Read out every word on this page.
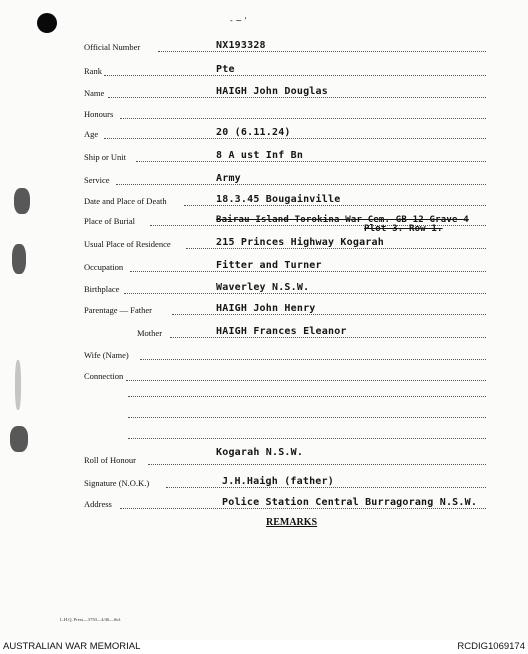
- ~ '
Official Number	NX193328
Rank	Pte
Name	HAIGH John Douglas
Honours
Age	20 (6.11.24)
Ship or Unit	8 A ust Inf Bn
Service	Army
Date and Place of Death	18.3.45 Bougainville
Place of Burial	Bairau Island Torokina War Cem. GB 12 Grave 4
Plot 3. Row 1.
Usual Place of Residence	215 Princes Highway Kogarah
Occupation	Fitter and Turner
Birthplace	Waverley N.S.W.
Parentage — Father	HAIGH John Henry
Mother	HAIGH Frances Eleanor
Wife (Name)
Connection
Roll of Honour
Kogarah N.S.W.
Signature (N.O.K.)	J.H.Haigh (father)
Address	Police Station Central Burragorang N.S.W.
REMARKS
L.H.Q. Press—3750—4/46—Std.
AUSTRALIAN WAR MEMORIAL	RCDIG1069174
